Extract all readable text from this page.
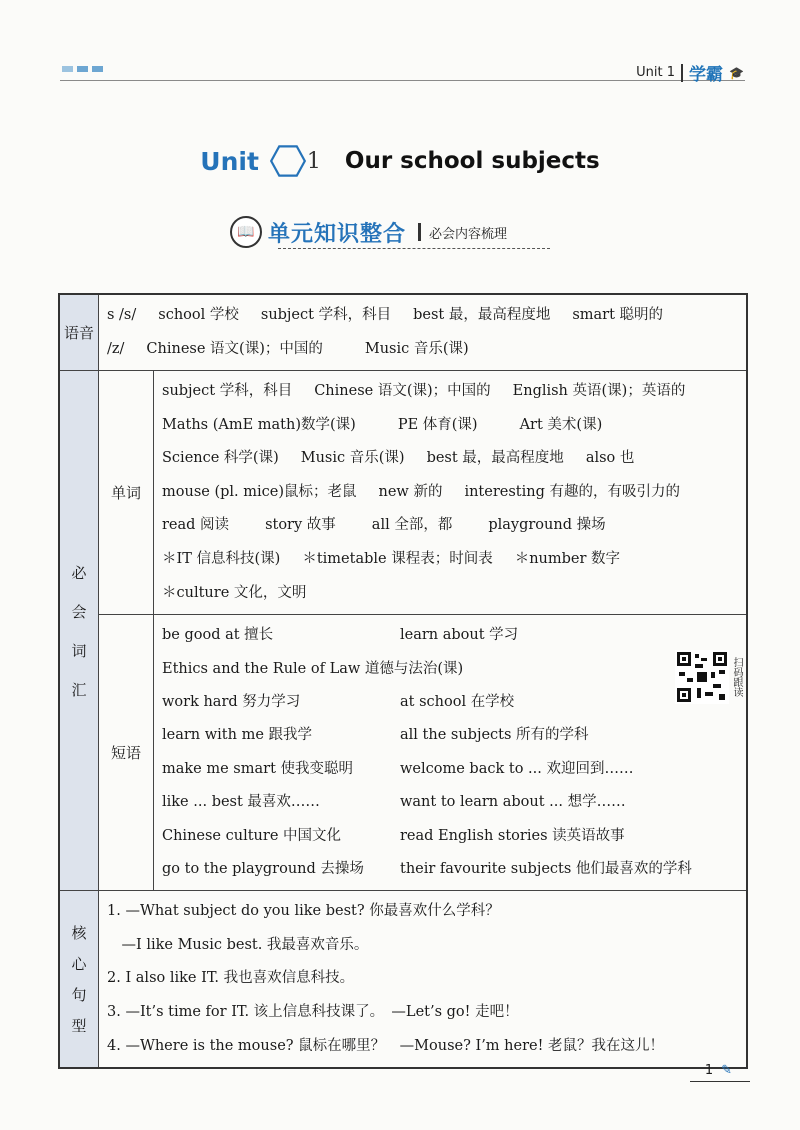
Unit 1 学霸 🎓
Unit 1 Our school subjects
📖 单元知识整合 必会内容梳理
语音
s /s/ school 学校 subject 学科，科目 best 最，最高程度地 smart 聪明的
/z/ Chinese 语文(课)；中国的	Music 音乐(课)
必
会
词
汇
单词
subject 学科，科目 Chinese 语文(课)；中国的 English 英语(课)；英语的
Maths (AmE math)数学(课)	PE 体育(课)	Art 美术(课)
Science 科学(课) Music 音乐(课) best 最，最高程度地 also 也
mouse (pl. mice)鼠标；老鼠 new 新的 interesting 有趣的，有吸引力的
read 阅读 story 故事 all 全部，都 playground 操场
＊IT 信息科技(课) ＊timetable 课程表；时间表 ＊number 数字
＊culture 文化，文明
短语
be good at 擅长	learn about 学习
Ethics and the Rule of Law 道德与法治(课)
work hard 努力学习	at school 在学校
learn with me 跟我学	all the subjects 所有的学科
make me smart 使我变聪明	welcome back to ... 欢迎回到……
like ... best 最喜欢……	want to learn about ... 想学……
Chinese culture 中国文化	read English stories 读英语故事
go to the playground 去操场	their favourite subjects 他们最喜欢的学科
核
心
句
型
1. —What subject do you like best? 你最喜欢什么学科？
　—I like Music best. 我最喜欢音乐。
2. I also like IT. 我也喜欢信息科技。
3. —It’s time for IT. 该上信息科技课了。　—Let’s go! 走吧！
4. —Where is the mouse? 鼠标在哪里？　—Mouse? I’m here! 老鼠？我在这儿！
扫码跟读
1 ✎
